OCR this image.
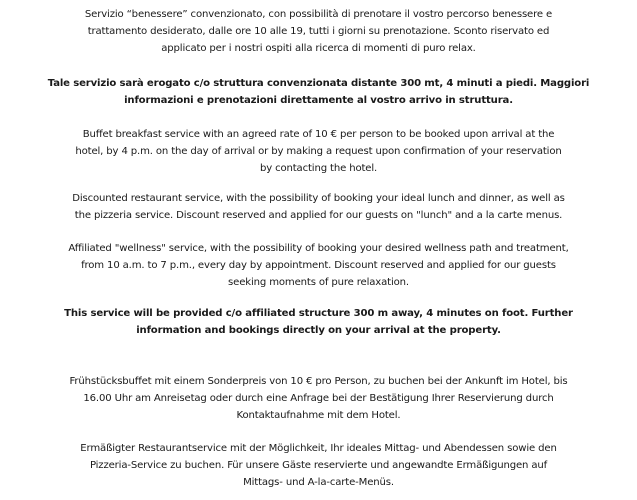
Servizio “benessere” convenzionato, con possibilità di prenotare il vostro percorso benessere e
trattamento desiderato, dalle ore 10 alle 19, tutti i giorni su prenotazione. Sconto riservato ed
applicato per i nostri ospiti alla ricerca di momenti di puro relax.

Tale servizio sarà erogato c/o struttura convenzionata distante 300 mt, 4 minuti a piedi. Maggiori
informazioni e prenotazioni direttamente al vostro arrivo in struttura.

Buffet breakfast service with an agreed rate of 10 € per person to be booked upon arrival at the
hotel, by 4 p.m. on the day of arrival or by making a request upon confirmation of your reservation
by contacting the hotel.

Discounted restaurant service, with the possibility of booking your ideal lunch and dinner, as well as
the pizzeria service. Discount reserved and applied for our guests on "lunch" and a la carte menus.

Affiliated "wellness" service, with the possibility of booking your desired wellness path and treatment,
from 10 a.m. to 7 p.m., every day by appointment. Discount reserved and applied for our guests
seeking moments of pure relaxation.

This service will be provided c/o affiliated structure 300 m away, 4 minutes on foot. Further
information and bookings directly on your arrival at the property.

Frühstücksbuffet mit einem Sonderpreis von 10 € pro Person, zu buchen bei der Ankunft im Hotel, bis
16.00 Uhr am Anreisetag oder durch eine Anfrage bei der Bestätigung Ihrer Reservierung durch
Kontaktaufnahme mit dem Hotel.

Ermäßigter Restaurantservice mit der Möglichkeit, Ihr ideales Mittag- und Abendessen sowie den
Pizzeria-Service zu buchen. Für unsere Gäste reservierte und angewandte Ermäßigungen auf
Mittags- und A-la-carte-Menüs.
